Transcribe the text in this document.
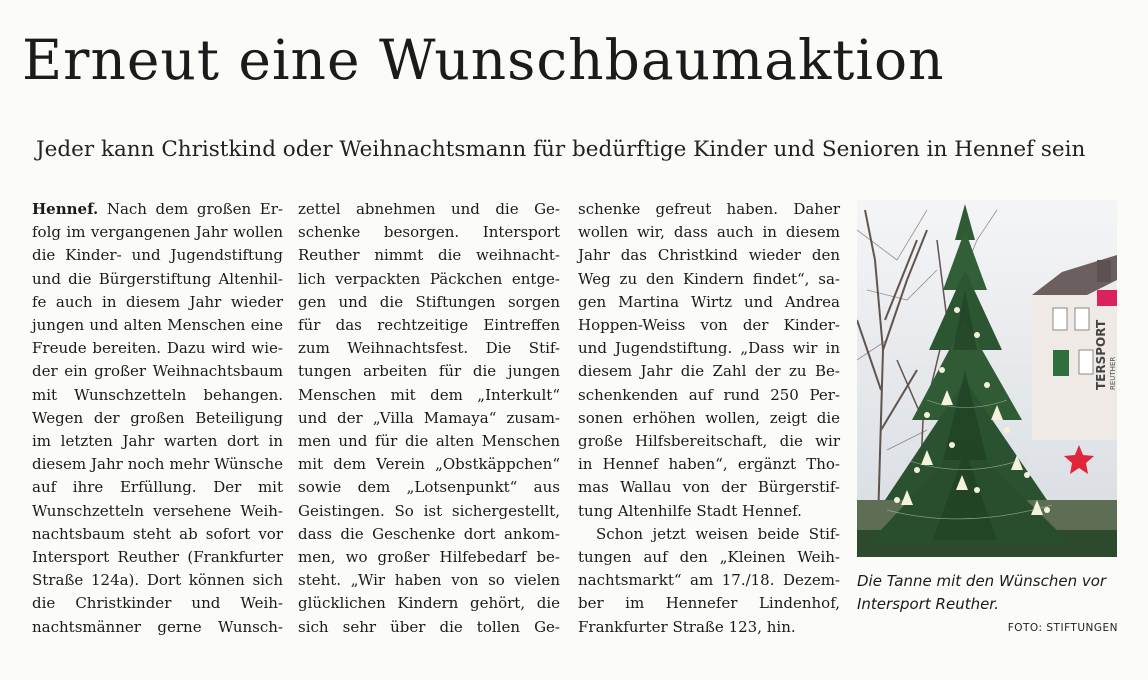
Erneut eine Wunschbaumaktion
Jeder kann Christkind oder Weihnachtsmann für bedürftige Kinder und Senioren in Hennef sein
Hennef. Nach dem großen Er-
folg im vergangenen Jahr wollen
die Kinder- und Jugendstiftung
und die Bürgerstiftung Altenhil-
fe auch in diesem Jahr wieder
jungen und alten Menschen eine
Freude bereiten. Dazu wird wie-
der ein großer Weihnachtsbaum
mit Wunschzetteln behangen.
Wegen der großen Beteiligung
im letzten Jahr warten dort in
diesem Jahr noch mehr Wünsche
auf ihre Erfüllung. Der mit
Wunschzetteln versehene Weih-
nachtsbaum steht ab sofort vor
Intersport Reuther (Frankfurter
Straße 124a). Dort können sich
die Christkinder und Weih-
nachtsmänner gerne Wunsch-
zettel abnehmen und die Ge-
schenke besorgen. Intersport
Reuther nimmt die weihnacht-
lich verpackten Päckchen entge-
gen und die Stiftungen sorgen
für das rechtzeitige Eintreffen
zum Weihnachtsfest. Die Stif-
tungen arbeiten für die jungen
Menschen mit dem „Interkult“
und der „Villa Mamaya“ zusam-
men und für die alten Menschen
mit dem Verein „Obstkäppchen“
sowie dem „Lotsenpunkt“ aus
Geistingen. So ist sichergestellt,
dass die Geschenke dort ankom-
men, wo großer Hilfebedarf be-
steht. „Wir haben von so vielen
glücklichen Kindern gehört, die
sich sehr über die tollen Ge-
schenke gefreut haben. Daher
wollen wir, dass auch in diesem
Jahr das Christkind wieder den
Weg zu den Kindern findet“, sa-
gen Martina Wirtz und Andrea
Hoppen-Weiss von der Kinder-
und Jugendstiftung. „Dass wir in
diesem Jahr die Zahl der zu Be-
schenkenden auf rund 250 Per-
sonen erhöhen wollen, zeigt die
große Hilfsbereitschaft, die wir
in Hennef haben“, ergänzt Tho-
mas Wallau von der Bürgerstif-
tung Altenhilfe Stadt Hennef.
Schon jetzt weisen beide Stif-
tungen auf den „Kleinen Weih-
nachtsmarkt“ am 17./18. Dezem-
ber im Hennefer Lindenhof,
Frankfurter Straße 123, hin.
TERSPORT REUTHER
Die Tanne mit den Wünschen vor
Intersport Reuther.
FOTO: STIFTUNGEN
